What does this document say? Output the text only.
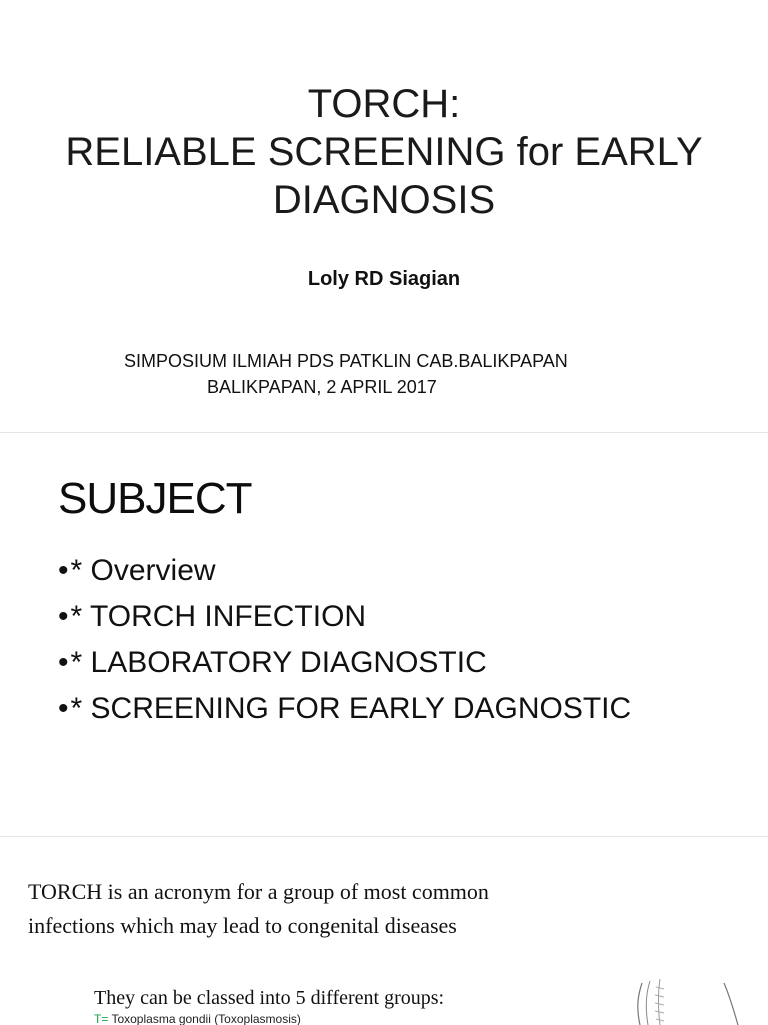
TORCH:
RELIABLE SCREENING for EARLY
DIAGNOSIS
Loly RD Siagian
SIMPOSIUM ILMIAH PDS PATKLIN CAB.BALIKPAPAN
BALIKPAPAN, 2 APRIL 2017
SUBJECT
•* Overview
•* TORCH INFECTION
•* LABORATORY DIAGNOSTIC
•* SCREENING FOR EARLY DAGNOSTIC
TORCH is an acronym for a group of most common
infections which may lead to congenital diseases
They can be classed into 5 different groups:
T= Toxoplasma gondii (Toxoplasmosis)
